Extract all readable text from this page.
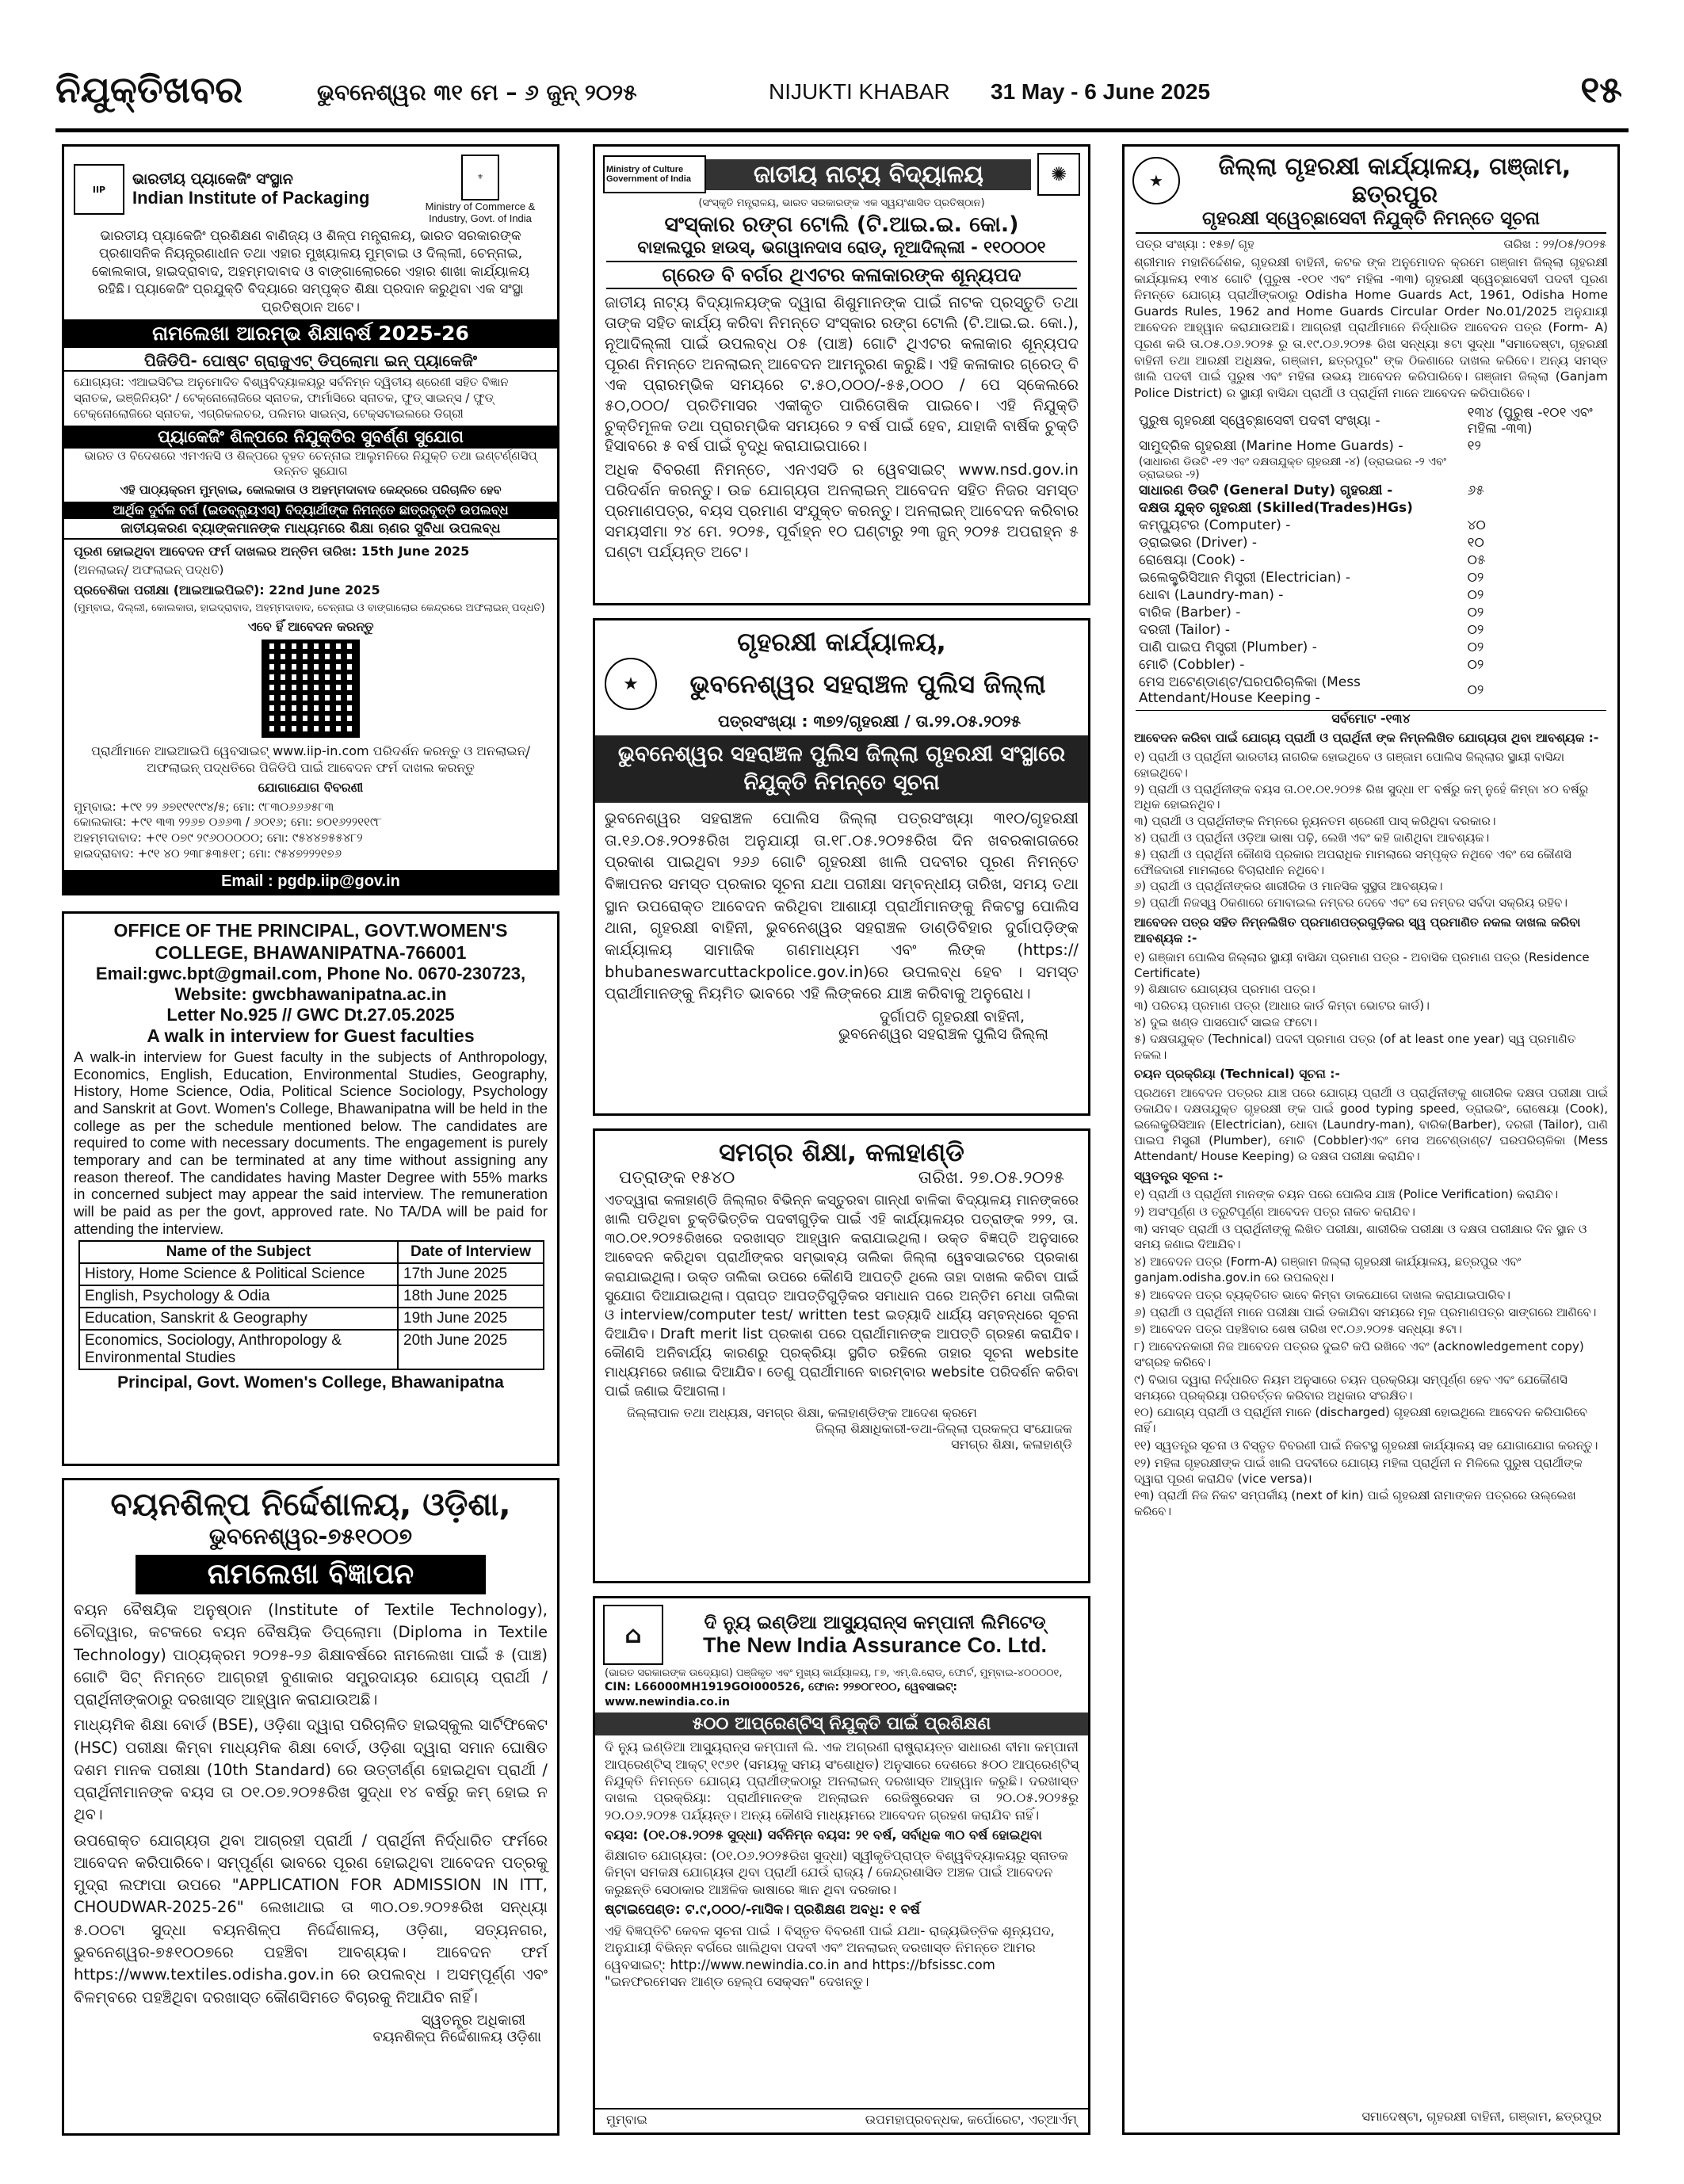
ନିଯୁକ୍ତିଖବର	ଭୁବନେଶ୍ୱର ୩୧ ମେ – ୬ ଜୁନ୍ ୨୦୨୫	NIJUKTI KHABAR 31 May - 6 June 2025	୧୫
IIP
ଭାରତୀୟ ପ୍ୟାକେଜିଂ ସଂସ୍ଥାନ
Indian Institute of Packaging
⚜
Ministry of Commerce & Industry, Govt. of India

ଭାରତୀୟ ପ୍ୟାକେଜିଂ ପ୍ରଶିକ୍ଷଣ ବାଣିଜ୍ୟ ଓ ଶିଳ୍ପ ମନ୍ତ୍ରାଳୟ, ଭାରତ ସରକାରଙ୍କ ପ୍ରଶାସନିକ ନିୟନ୍ତ୍ରଣାଧୀନ ତଥା ଏହାର ମୁଖ୍ୟାଳୟ ମୁମ୍ବାଇ ଓ ଦିଲ୍ଲୀ, ଚେନ୍ନାଇ, କୋଲକାତା, ହାଇଦ୍ରାବାଦ, ଅହମ୍ମଦାବାଦ ଓ ବାଙ୍ଗାଲୋରରେ ଏହାର ଶାଖା କାର୍ଯ୍ୟାଳୟ ରହିଛି। ପ୍ୟାକେଜିଂ ପ୍ରଯୁକ୍ତି ବିଦ୍ୟାରେ ସମ୍ପୃକ୍ତ ଶିକ୍ଷା ପ୍ରଦାନ କରୁଥିବା ଏକ ସଂସ୍ଥା ପ୍ରତିଷ୍ଠାନ ଅଟେ।

ନାମଲେଖା ଆରମ୍ଭ ଶିକ୍ଷାବର୍ଷ 2025-26
ପିଜିଡିପି- ପୋଷ୍ଟ ଗ୍ରାଜୁଏଟ୍ ଡିପ୍ଲୋମା ଇନ୍ ପ୍ୟାକେଜିଂ

ଯୋଗ୍ୟତା: ଏଆଇସିଟିଇ ଅନୁମୋଦିତ ବିଶ୍ୱବିଦ୍ୟାଳୟରୁ ସର୍ବନିମ୍ନ ଦ୍ୱିତୀୟ ଶ୍ରେଣୀ ସହିତ ବିଜ୍ଞାନ ସ୍ନାତକ, ଇଞ୍ଜିନିୟରିଂ / ଟେକ୍ନୋଲୋଜିରେ ସ୍ନାତକ, ଫାର୍ମାସିରେ ସ୍ନାତକ, ଫୁଡ୍ ସାଇନ୍ସ / ଫୁଡ୍ ଟେକ୍ନୋଲୋଜିରେ ସ୍ନାତକ, ଏଗ୍ରିକଲଚର, ପଲିମର ସାଇନ୍ସ, ଟେକ୍ସଟାଇଲରେ ଡିଗ୍ରୀ

ପ୍ୟାକେଜିଂ ଶିଳ୍ପରେ ନିଯୁକ୍ତିର ସୁବର୍ଣ୍ଣ ସୁଯୋଗ

ଭାରତ ଓ ବିଦେଶରେ ଏମଏନସି ଓ ଶିଳ୍ପରେ ବୃହତ ଚେନ୍ନାଇ ଆଲୁମନିରେ ନିଯୁକ୍ତି ତଥା ଇଣ୍ଟର୍ଣ୍ଣସିପ୍ ଉନ୍ନତ ସୁଯୋଗ

ଏହି ପାଠ୍ୟକ୍ରମ ମୁମ୍ବାଇ, କୋଲକାତା ଓ ଅହମ୍ମଦାବାଦ କେନ୍ଦ୍ରରେ ପରିଚାଳିତ ହେବ

ଆର୍ଥିକ ଦୁର୍ବଳ ବର୍ଗ (ଇଡବ୍ଲ୍ୟୁଏସ୍) ବିଦ୍ୟାର୍ଥୀଙ୍କ ନିମନ୍ତେ ଛାତ୍ରବୃତ୍ତି ଉପଲବ୍ଧ
ଜାତୀୟକରଣ ବ୍ୟାଙ୍କମାନଙ୍କ ମାଧ୍ୟମରେ ଶିକ୍ଷା ଋଣର ସୁବିଧା ଉପଲବ୍ଧ

ପୂରଣ ହୋଇଥିବା ଆବେଦନ ଫର୍ମ ଦାଖଲର ଅନ୍ତିମ ତାରିଖ: 15th June 2025

(ଅନଲାଇନ୍/ ଅଫଲାଇନ୍ ପଦ୍ଧତି)

ପ୍ରବେଶିକା ପରୀକ୍ଷା (ଆଇଆଇପିଇଟି): 22nd June 2025

(ମୁମ୍ବାଇ, ଦିଲ୍ଲୀ, କୋଲକାତା, ହାଇଦ୍ରାବାଦ, ଅହମ୍ମଦାବାଦ, ଚେନ୍ନାଇ ଓ ବାଙ୍ଗାଲୋର କେନ୍ଦ୍ରରେ ଅଫଲାଇନ୍ ପଦ୍ଧତି)

ଏବେ ହିଁ ଆବେଦନ କରନ୍ତୁ

ପ୍ରାର୍ଥୀମାନେ ଆଇଆଇପି ୱେବସାଇଟ୍ www.iip-in.com ପରିଦର୍ଶନ କରନ୍ତୁ ଓ ଅନଲାଇନ୍/ ଅଫଲାଇନ୍ ପଦ୍ଧତିରେ ପିଜିଡିପି ପାଇଁ ଆବେଦନ ଫର୍ମ ଦାଖଲ କରନ୍ତୁ

ଯୋଗାଯୋଗ ବିବରଣୀ

ମୁମ୍ବାଇ: +୯୧ ୨୨ ୬୭୧୯୧୯୯୪/୫; ମୋ: ୯୮୩୦୬୬୬୫୮୩

କୋଲକାତା: +୯୧ ୩୩ ୨୨୬୭ ୦୬୬୩ / ୬୦୧୬; ମୋ: ୭୦୧୬୨୨୧୧୯୮

ଅହମ୍ମଦାବାଦ: +୯୧ ୦୭୯ ୨୯୬୦୦୦୦୦; ମୋ: ୯୫୪୪୭୫୫୪୮୨

ହାଇଦ୍ରାବାଦ: +୯୧ ୪୦ ୨୩୮୫୩୫୧୮; ମୋ: ୯୫୪୭୨୨୨୧୭୬

Email : pgdp.iip@gov.in
OFFICE OF THE PRINCIPAL, GOVT.WOMEN'S COLLEGE, BHAWANIPATNA-766001
Email:gwc.bpt@gmail.com, Phone No. 0670-230723,
Website: gwcbhawanipatna.ac.in
Letter No.925 // GWC Dt.27.05.2025
A walk in interview for Guest faculties

A walk-in interview for Guest faculty in the subjects of Anthropology, Economics, English, Education, Environmental Studies, Geography, History, Home Science, Odia, Political Science Sociology, Psychology and Sanskrit at Govt. Women's College, Bhawanipatna will be held in the college as per the schedule mentioned below. The candidates are required to come with necessary documents. The engagement is purely temporary and can be terminated at any time without assigning any reason thereof. The candidates having Master Degree with 55% marks in concerned subject may appear the said interview. The remuneration will be paid as per the govt, approved rate. No TA/DA will be paid for attending the interview.

Name of the Subject	Date of Interview
History, Home Science & Political Science	17th June 2025
English, Psychology & Odia	18th June 2025
Education, Sanskrit & Geography	19th June 2025
Economics, Sociology, Anthropology & Environmental Studies	20th June 2025
Principal, Govt. Women's College, Bhawanipatna
ବୟନଶିଳ୍ପ ନିର୍ଦ୍ଦେଶାଳୟ, ଓଡ଼ିଶା,
ଭୁବନେଶ୍ୱର-୭୫୧୦୦୭
ନାମଲେଖା ବିଜ୍ଞାପନ

ବୟନ ବୈଷୟିକ ଅନୁଷ୍ଠାନ (Institute of Textile Technology), ଚୌଦ୍ୱାର, କଟକରେ ବୟନ ବୈଷୟିକ ଡିପ୍ଲୋମା (Diploma in Textile Technology) ପାଠ୍ୟକ୍ରମ ୨୦୨୫-୨୬ ଶିକ୍ଷାବର୍ଷରେ ନାମଲେଖା ପାଇଁ ୫ (ପାଞ୍ଚ) ଗୋଟି ସିଟ୍ ନିମନ୍ତେ ଆଗ୍ରହୀ ବୁଣାକାର ସମ୍ପ୍ରଦାୟର ଯୋଗ୍ୟ ପ୍ରାର୍ଥୀ / ପ୍ରାର୍ଥିନୀଙ୍କଠାରୁ ଦରଖାସ୍ତ ଆହ୍ୱାନ କରାଯାଉଅଛି।

ମାଧ୍ୟମିକ ଶିକ୍ଷା ବୋର୍ଡ (BSE), ଓଡ଼ିଶା ଦ୍ୱାରା ପରିଚାଳିତ ହାଇସ୍କୁଲ ସାର୍ଟିଫିକେଟ (HSC) ପରୀକ୍ଷା କିମ୍ବା ମାଧ୍ୟମିକ ଶିକ୍ଷା ବୋର୍ଡ, ଓଡ଼ିଶା ଦ୍ୱାରା ସମାନ ଘୋଷିତ ଦଶମ ମାନକ ପରୀକ୍ଷା (10th Standard) ରେ ଉତ୍ତୀର୍ଣ୍ଣ ହୋଇଥିବା ପ୍ରାର୍ଥୀ / ପ୍ରାର୍ଥିନୀମାନଙ୍କ ବୟସ ତା ୦୧.୦୭.୨୦୨୫ରିଖ ସୁଦ୍ଧା ୧୪ ବର୍ଷରୁ କମ୍ ହୋଇ ନ ଥିବ।

ଉପରୋକ୍ତ ଯୋଗ୍ୟତା ଥିବା ଆଗ୍ରହୀ ପ୍ରାର୍ଥୀ / ପ୍ରାର୍ଥିନୀ ନିର୍ଦ୍ଧାରିତ ଫର୍ମରେ ଆବେଦନ କରିପାରିବେ। ସମ୍ପୂର୍ଣ୍ଣ ଭାବରେ ପୂରଣ ହୋଇଥିବା ଆବେଦନ ପତ୍ରକୁ ମୁଦ୍ରା ଲଫାପା ଉପରେ "APPLICATION FOR ADMISSION IN ITT, CHOUDWAR-2025-26" ଲେଖାଥାଇ ତା ୩୦.୦୭.୨୦୨୫ରିଖ ସନ୍ଧ୍ୟା ୫.୦୦ଟା ସୁଦ୍ଧା ବୟନଶିଳ୍ପ ନିର୍ଦ୍ଦେଶାଳୟ, ଓଡ଼ିଶା, ସତ୍ୟନଗର, ଭୁବନେଶ୍ୱର-୭୫୧୦୦୭ରେ ପହଞ୍ଚିବା ଆବଶ୍ୟକ। ଆବେଦନ ଫର୍ମ https://www.textiles.odisha.gov.in ରେ ଉପଲବ୍ଧ । ଅସମ୍ପୂର୍ଣ୍ଣ ଏବଂ ବିଳମ୍ବରେ ପହଞ୍ଚିଥିବା ଦରଖାସ୍ତ କୌଣସିମତେ ବିଚାରକୁ ନିଆଯିବ ନାହିଁ।

ସ୍ୱତନ୍ତ୍ର ଅଧିକାରୀ
ବୟନଶିଳ୍ପ ନିର୍ଦ୍ଦେଶାଳୟ ଓଡ଼ିଶା
Ministry of Culture Government of India	ଜାତୀୟ ନାଟ୍ୟ ବିଦ୍ୟାଳୟ	✺
(ସଂସ୍କୃତି ମନ୍ତ୍ରାଳୟ, ଭାରତ ସରକାରଙ୍କ ଏକ ସ୍ୱୟଂଶାସିତ ପ୍ରତିଷ୍ଠାନ)
ସଂସ୍କାର ରଙ୍ଗ ଟୋଲି (ଟି.ଆଇ.ଇ. କୋ.)
ବାହାଲପୁର ହାଉସ୍, ଭଗୱାନଦାସ ରୋଡ୍, ନୂଆଦିଲ୍ଲୀ - ୧୧୦୦୦୧
ଗ୍ରେଡ ବି ବର୍ଗର ଥିଏଟର କଳାକାରଙ୍କ ଶୂନ୍ୟପଦ

ଜାତୀୟ ନାଟ୍ୟ ବିଦ୍ୟାଳୟଙ୍କ ଦ୍ୱାରା ଶିଶୁମାନଙ୍କ ପାଇଁ ନାଟକ ପ୍ରସ୍ତୁତି ତଥା ତାଙ୍କ ସହିତ କାର୍ଯ୍ୟ କରିବା ନିମନ୍ତେ ସଂସ୍କାର ରଙ୍ଗ ଟୋଲି (ଟି.ଆଇ.ଇ. କୋ.), ନୂଆଦିଲ୍ଲୀ ପାଇଁ ଉପଲବ୍ଧ ୦୫ (ପାଞ୍ଚ) ଗୋଟି ଥିଏଟର କଳାକାର ଶୂନ୍ୟପଦ ପୂରଣ ନିମନ୍ତେ ଅନଲାଇନ୍ ଆବେଦନ ଆମନ୍ତ୍ରଣ କରୁଛି। ଏହି କଳାକାର ଗ୍ରେଡ୍ ବି ଏକ ପ୍ରାରମ୍ଭିକ ସମୟରେ ଟ.୫୦,୦୦୦/-୫୫,୦୦୦ / ପେ ସ୍କେଲରେ ୫୦,୦୦୦/ ପ୍ରତିମାସର ଏକୀକୃତ ପାରିତୋଷିକ ପାଇବେ। ଏହି ନିଯୁକ୍ତି ଚୁକ୍ତିମୂଳକ ତଥା ପ୍ରାରମ୍ଭିକ ସମୟରେ ୨ ବର୍ଷ ପାଇଁ ହେବ, ଯାହାକି ବାର୍ଷିକ ଚୁକ୍ତି ହିସାବରେ ୫ ବର୍ଷ ପାଇଁ ବୃଦ୍ଧି କରାଯାଇପାରେ।

ଅଧିକ ବିବରଣୀ ନିମନ୍ତେ, ଏନଏସଡି ର ୱେବସାଇଟ୍ www.nsd.gov.in ପରିଦର୍ଶନ କରନ୍ତୁ। ଉଚ୍ଚ ଯୋଗ୍ୟତା ଅନଲାଇନ୍ ଆବେଦନ ସହିତ ନିଜର ସମସ୍ତ ପ୍ରମାଣପତ୍ର, ବୟସ ପ୍ରମାଣ ସଂଯୁକ୍ତ କରନ୍ତୁ। ଅନଲାଇନ୍ ଆବେଦନ କରିବାର ସମୟସୀମା ୨୪ ମେ. ୨୦୨୫, ପୂର୍ବାହ୍ନ ୧୦ ଘଣ୍ଟାରୁ ୨୩ ଜୁନ୍ ୨୦୨୫ ଅପରାହ୍ନ ୫ ଘଣ୍ଟା ପର୍ଯ୍ୟନ୍ତ ଅଟେ।

ଗୃହରକ୍ଷୀ କାର୍ଯ୍ୟାଳୟ,
★	ଭୁବନେଶ୍ୱର ସହରାଞ୍ଚଳ ପୁଲିସ ଜିଲ୍ଲା
ପତ୍ରସଂଖ୍ୟା : ୩୭୨/ଗୃହରକ୍ଷୀ / ତା.୨୨.୦୫.୨୦୨୫
ଭୁବନେଶ୍ୱର ସହରାଞ୍ଚଳ ପୁଲିସ ଜିଲ୍ଲା ଗୃହରକ୍ଷୀ ସଂସ୍ଥାରେ ନିଯୁକ୍ତି ନିମନ୍ତେ ସୂଚନା

ଭୁବନେଶ୍ୱର ସହରାଞ୍ଚଳ ପୋଲିସ ଜିଲ୍ଲା ପତ୍ରସଂଖ୍ୟା ୩୧୦/ଗୃହରକ୍ଷୀ ତା.୧୬.୦୫.୨୦୨୫ରିଖ ଅନୁଯାୟୀ ତା.୧୮.୦୫.୨୦୨୫ରିଖ ଦିନ ଖବରକାଗଜରେ ପ୍ରକାଶ ପାଇଥିବା ୨୬୬ ଗୋଟି ଗୃହରକ୍ଷୀ ଖାଲି ପଦବୀର ପୂରଣ ନିମନ୍ତେ ବିଜ୍ଞାପନର ସମସ୍ତ ପ୍ରକାର ସୂଚନା ଯଥା ପରୀକ୍ଷା ସମ୍ବନ୍ଧୀୟ ତାରିଖ, ସମୟ ତଥା ସ୍ଥାନ ଉପରୋକ୍ତ ଆବେଦନ କରିଥିବା ଆଶାୟୀ ପ୍ରାର୍ଥୀମାନଙ୍କୁ ନିକଟସ୍ଥ ପୋଲିସ ଥାନା, ଗୃହରକ୍ଷୀ ବାହିନୀ, ଭୁବନେଶ୍ୱର ସହରାଞ୍ଚଳ ଡାଣ୍ଡିବିହାର ଦୁର୍ଗାପଡ଼ିଙ୍କ କାର୍ଯ୍ୟାଳୟ ସାମାଜିକ ଗଣମାଧ୍ୟମ ଏବଂ ଲିଙ୍କ (https:// bhubaneswarcuttackpolice.gov.in)ରେ ଉପଲବ୍ଧ ହେବ । ସମସ୍ତ ପ୍ରାର୍ଥୀମାନଙ୍କୁ ନିୟମିତ ଭାବରେ ଏହି ଲିଙ୍କରେ ଯାଞ୍ଚ କରିବାକୁ ଅନୁରୋଧ।

ଦୁର୍ଗାପତି ଗୃହରକ୍ଷୀ ବାହିନୀ,
ଭୁବନେଶ୍ୱର ସହରାଞ୍ଚଳ ପୁଲିସ ଜିଲ୍ଲା
ସମଗ୍ର ଶିକ୍ଷା, କଳାହାଣ୍ଡି
ପତ୍ରାଙ୍କ ୧୫୪୦	ତାରିଖ. ୨୭.୦୫.୨୦୨୫

ଏତଦ୍ୱାରା କଳାହାଣ୍ଡି ଜିଲ୍ଲାର ବିଭିନ୍ନ କସ୍ତୁରବା ଗାନ୍ଧୀ ବାଳିକା ବିଦ୍ୟାଳୟ ମାନଙ୍କରେ ଖାଲି ପଡିଥିବା ଚୁକ୍ତିଭିତ୍ତିକ ପଦବୀଗୁଡ଼ିକ ପାଇଁ ଏହି କାର୍ଯ୍ୟାଳୟର ପତ୍ରାଙ୍କ ୨୨୨, ତା. ୩୦.୦୧.୨୦୨୫ରିଖରେ ଦରଖାସ୍ତ ଆହ୍ୱାନ କରାଯାଇଥିଲା। ଉକ୍ତ ବିଜ୍ଞପ୍ତି ଅନୁସାରେ ଆବେଦନ କରିଥିବା ପ୍ରାର୍ଥୀଙ୍କର ସମ୍ଭାବ୍ୟ ତାଲିକା ଜିଲ୍ଲା ୱେବସାଇଟରେ ପ୍ରକାଶ କରାଯାଇଥିଲା। ଉକ୍ତ ତାଲିକା ଉପରେ କୌଣସି ଆପତ୍ତି ଥିଲେ ତାହା ଦାଖଲ କରିବା ପାଇଁ ସୁଯୋଗ ଦିଆଯାଇଥିଲା। ପ୍ରାପ୍ତ ଆପତ୍ତିଗୁଡ଼ିକର ସମାଧାନ ପରେ ଅନ୍ତିମ ମେଧା ତାଲିକା ଓ interview/computer test/ written test ଇତ୍ୟାଦି ଧାର୍ଯ୍ୟ ସମ୍ବନ୍ଧରେ ସୂଚନା ଦିଆଯିବ। Draft merit list ପ୍ରକାଶ ପରେ ପ୍ରାର୍ଥୀମାନଙ୍କ ଆପତ୍ତି ଗ୍ରହଣ କରାଯିବ। କୌଣସି ଅନିବାର୍ଯ୍ୟ କାରଣରୁ ପ୍ରକ୍ରିୟା ସ୍ଥଗିତ ରହିଲେ ତାହାର ସୂଚନା website ମାଧ୍ୟମରେ ଜଣାଇ ଦିଆଯିବ। ତେଣୁ ପ୍ରାର୍ଥୀମାନେ ବାରମ୍ବାର website ପରିଦର୍ଶନ କରିବା ପାଇଁ ଜଣାଇ ଦିଆଗଲା।

ଜିଲ୍ଲାପାଳ ତଥା ଅଧ୍ୟକ୍ଷ, ସମଗ୍ର ଶିକ୍ଷା, କଳାହାଣ୍ଡିଙ୍କ ଆଦେଶ କ୍ରମେ
ଜିଲ୍ଲା ଶିକ୍ଷାଧିକାରୀ-ତଥା-ଜିଲ୍ଲା ପ୍ରକଳ୍ପ ସଂଯୋଜକ
ସମଗ୍ର ଶିକ୍ଷା, କଳାହାଣ୍ଡି
⌂	ଦି ନ୍ୟୁ ଇଣ୍ଡିଆ ଆସ୍ୟୁରାନ୍ସ କମ୍ପାନୀ ଲିମିଟେଡ୍
The New India Assurance Co. Ltd.

(ଭାରତ ସରକାରଙ୍କ ଉଦ୍ୟୋଗ) ପଞ୍ଜିକୃତ ଏବଂ ମୁଖ୍ୟ କାର୍ଯ୍ୟାଳୟ, ୮୭, ଏମ୍.ଜି.ରୋଡ୍, ଫୋର୍ଟ, ମୁମ୍ବାଇ-୪୦୦୦୦୧,

CIN: L66000MH1919GOI000526, ଫୋନ: ୨୨୭୦୮୧୦୦, ୱେବସାଇଟ୍: www.newindia.co.in

୫୦୦ ଆପ୍ରେଣ୍ଟିସ୍ ନିଯୁକ୍ତି ପାଇଁ ପ୍ରଶିକ୍ଷଣ

ଦି ନ୍ୟୁ ଇଣ୍ଡିଆ ଆସ୍ୟୁରାନ୍ସ କମ୍ପାନୀ ଲି. ଏକ ଅଗ୍ରଣୀ ରାଷ୍ଟ୍ରାୟତ୍ତ ସାଧାରଣ ବୀମା କମ୍ପାନୀ ଆପ୍ରେଣ୍ଟିସ୍ ଆକ୍ଟ୍ ୧୯୬୧ (ସମୟକୁ ସମୟ ସଂଶୋଧିତ) ଅନୁସାରେ ଦେଶରେ ୫୦୦ ଆପ୍ରେଣ୍ଟିସ୍ ନିଯୁକ୍ତି ନିମନ୍ତେ ଯୋଗ୍ୟ ପ୍ରାର୍ଥୀଙ୍କଠାରୁ ଅନଲାଇନ୍ ଦରଖାସ୍ତ ଆହ୍ୱାନ କରୁଛି। ଦରଖାସ୍ତ ଦାଖଲ ପ୍ରକ୍ରିୟା: ପ୍ରାର୍ଥୀମାନଙ୍କ ଅନ୍ଲାଇନ ରେଜିଷ୍ଟ୍ରେସନ ତା ୨୦.୦୫.୨୦୨୫ରୁ ୨୦.୦୬.୨୦୨୫ ପର୍ଯ୍ୟନ୍ତ। ଅନ୍ୟ କୌଣସି ମାଧ୍ୟମରେ ଆବେଦନ ଗ୍ରହଣ କରାଯିବ ନାହିଁ।

ବୟସ: (୦୧.୦୫.୨୦୨୫ ସୁଦ୍ଧା) ସର୍ବନିମ୍ନ ବୟସ: ୨୧ ବର୍ଷ, ସର୍ବାଧିକ ୩୦ ବର୍ଷ ହୋଇଥିବା

ଶିକ୍ଷାଗତ ଯୋଗ୍ୟତା: (୦୧.୦୬.୨୦୨୫ରିଖ ସୁଦ୍ଧା) ସ୍ୱୀକୃତିପ୍ରାପ୍ତ ବିଶ୍ୱବିଦ୍ୟାଳୟରୁ ସ୍ନାତକ କିମ୍ବା ସମକକ୍ଷ ଯୋଗ୍ୟତା ଥିବା ପ୍ରାର୍ଥୀ ଯେଉଁ ରାଜ୍ୟ / କେନ୍ଦ୍ରଶାସିତ ଅଞ୍ଚଳ ପାଇଁ ଆବେଦନ କରୁଛନ୍ତି ସେଠାକାର ଆଞ୍ଚଳିକ ଭାଷାରେ ଜ୍ଞାନ ଥିବା ଦରକାର।

ଷ୍ଟାଇପେଣ୍ଡ: ଟ.୯,୦୦୦/-ମାସିକ। ପ୍ରଶିକ୍ଷଣ ଅବଧି: ୧ ବର୍ଷ

ଏହି ବିଜ୍ଞପ୍ତିଟି କେବଳ ସୂଚନା ପାଇଁ । ବିସ୍ତୃତ ବିବରଣୀ ପାଇଁ ଯଥା- ରାଜ୍ୟଭିତ୍ତିକ ଶୂନ୍ୟପଦ, ଅନୁଯାୟୀ ବିଭିନ୍ନ ବର୍ଗରେ ଖାଲିଥିବା ପଦବୀ ଏବଂ ଅନଲାଇନ୍ ଦରଖାସ୍ତ ନିମନ୍ତେ ଆମର ୱେବସାଇଟ୍: http://www.newindia.co.in and https://bfsissc.com "ଇନଫରମେସନ ଆଣ୍ଡ ହେଲ୍ପ ସେକ୍ସନ" ଦେଖନ୍ତୁ।

ମୁମ୍ବାଇ	ଉପମହାପ୍ରବନ୍ଧକ, କର୍ପୋରେଟ, ଏଚ୍ଆର୍ଏମ୍
★	ଜିଲ୍ଲା ଗୃହରକ୍ଷୀ କାର୍ଯ୍ୟାଳୟ, ଗଞ୍ଜାମ, ଛତ୍ରପୁର
ଗୃହରକ୍ଷୀ ସ୍ୱେଚ୍ଛାସେବୀ ନିଯୁକ୍ତି ନିମନ୍ତେ ସୂଚନା
ପତ୍ର ସଂଖ୍ୟା : ୧୫୭/ ଗୃହ	ତାରିଖ : ୨୨/୦୫/୨୦୨୫

ଶ୍ରୀମାନ ମହାନିର୍ଦ୍ଦେଶକ, ଗୃହରକ୍ଷୀ ବାହିନୀ, କଟକ ଙ୍କ ଅନୁମୋଦନ କ୍ରମେ ଗଞ୍ଜାମ ଜିଲ୍ଲା ଗୃହରକ୍ଷୀ କାର୍ଯ୍ୟାଳୟ ୧୩୪ ଗୋଟି (ପୁରୁଷ -୧୦୧ ଏବଂ ମହିଳା -୩୩) ଗୃହରକ୍ଷୀ ସ୍ୱେଚ୍ଛାସେବୀ ପଦବୀ ପୂରଣ ନିମନ୍ତେ ଯୋଗ୍ୟ ପ୍ରାର୍ଥୀଙ୍କଠାରୁ Odisha Home Guards Act, 1961, Odisha Home Guards Rules, 1962 and Home Guards Circular Order No.01/2025 ଅନୁଯାୟୀ ଆବେଦନ ଆହ୍ୱାନ କରାଯାଉଅଛି। ଆଗ୍ରହୀ ପ୍ରାର୍ଥୀମାନେ ନିର୍ଦ୍ଧାରିତ ଆବେଦନ ପତ୍ର (Form- A) ପୂରଣ କରି ତା.୦୫.୦୬.୨୦୨୫ ରୁ ତା.୧୯.୦୬.୨୦୨୫ ରିଖ ସନ୍ଧ୍ୟା ୫ଟା ସୁଦ୍ଧା "ସମାଦେଷ୍ଟା, ଗୃହରକ୍ଷୀ ବାହିନୀ ତଥା ଆରକ୍ଷୀ ଅଧିକ୍ଷକ, ଗଞ୍ଜାମ, ଛତ୍ରପୁର" ଙ୍କ ଠିକଣାରେ ଦାଖଲ କରିବେ। ଅନ୍ୟ ସମସ୍ତ ଖାଲି ପଦବୀ ପାଇଁ ପୁରୁଷ ଏବଂ ମହିଳା ଉଭୟ ଆବେଦନ କରିପାରିବେ। ଗଞ୍ଜାମ ଜିଲ୍ଲା (Ganjam Police District) ର ସ୍ଥାୟୀ ବାସିନ୍ଦା ପ୍ରାର୍ଥୀ ଓ ପ୍ରାର୍ଥିନୀ ମାନେ ଆବେଦନ କରିପାରିବେ।

ପୁରୁଷ ଗୃହରକ୍ଷୀ ସ୍ୱେଚ୍ଛାସେବୀ ପଦବୀ ସଂଖ୍ୟା -	୧୩୪ (ପୁରୁଷ -୧୦୧ ଏବଂ ମହିଳା -୩୩)
ସାମୁଦ୍ରିକ ଗୃହରକ୍ଷୀ (Marine Home Guards) -	୧୨
(ସାଧାରଣ ଡିଉଟି -୧୨ ଏବଂ ଦକ୍ଷତାଯୁକ୍ତ ଗୃହରକ୍ଷୀ -୪) (ଡ୍ରାଇଭର -୨ ଏବଂ ଡ୍ରାଇଭର -୨)	
ସାଧାରଣ ଡିଉଟି (General Duty) ଗୃହରକ୍ଷୀ -	୬୫
ଦକ୍ଷତା ଯୁକ୍ତ ଗୃହରକ୍ଷୀ (Skilled(Trades)HGs)	
କମ୍ପ୍ୟୁଟର (Computer) -	୪୦
ଡ୍ରାଇଭର (Driver) -	୧୦
ରୋଷେୟା (Cook) -	୦୫
ଇଲେକ୍ଟ୍ରିସିଆନ ମିସ୍ତ୍ରୀ (Electrician) -	୦୨
ଧୋବା (Laundry-man) -	୦୨
ବାରିକ (Barber) -	୦୨
ଦରଜୀ (Tailor) -	୦୨
ପାଣି ପାଇପ ମିସ୍ତ୍ରୀ (Plumber) -	୦୨
ମୋଚି (Cobbler) -	୦୨
ମେସ ଅଟେଣ୍ଡାଣ୍ଟ/ଘରପରିଚାଳିକା (Mess Attendant/House Keeping -	୦୨
ସର୍ବମୋଟ -୧୩୪

ଆବେଦନ କରିବା ପାଇଁ ଯୋଗ୍ୟ ପ୍ରାର୍ଥୀ ଓ ପ୍ରାର୍ଥିନୀ ଙ୍କ ନିମ୍ନଲିଖିତ ଯୋଗ୍ୟତା ଥିବା ଆବଶ୍ୟକ :-

୧) ପ୍ରାର୍ଥୀ ଓ ପ୍ରାର୍ଥିନୀ ଭାରତୀୟ ନାଗରିକ ହୋଇଥିବେ ଓ ଗଞ୍ଜାମ ପୋଲିସ ଜିଲ୍ଲାର ସ୍ଥାୟୀ ବାସିନ୍ଦା ହୋଇଥିବେ।

୨) ପ୍ରାର୍ଥୀ ଓ ପ୍ରାର୍ଥିନୀଙ୍କ ବୟସ ତା.୦୧.୦୧.୨୦୨୫ ରିଖ ସୁଦ୍ଧା ୧୮ ବର୍ଷରୁ କମ୍ ନୁହେଁ କିମ୍ବା ୪୦ ବର୍ଷରୁ ଅଧିକ ହୋଇନଥିବ।

୩) ପ୍ରାର୍ଥୀ ଓ ପ୍ରାର୍ଥିନୀଙ୍କ ନିମ୍ନରେ ନ୍ୟୁନତମ ଶ୍ରେଣୀ ପାସ୍ କରିଥିବା ଦରକାର।

୪) ପ୍ରାର୍ଥୀ ଓ ପ୍ରାର୍ଥିନୀ ଓଡ଼ିଆ ଭାଷା ପଢ଼ି, ଲେଖି ଏବଂ କହି ଜାଣିଥିବା ଆବଶ୍ୟକ।

୫) ପ୍ରାର୍ଥୀ ଓ ପ୍ରାର୍ଥିନୀ କୌଣସି ପ୍ରକାର ଅପରାଧିକ ମାମଲାରେ ସମ୍ପୃକ୍ତ ନଥିବେ ଏବଂ ସେ କୌଣସି ଫୌଜଦାରୀ ମାମଲାରେ ବିଚାରାଧୀନ ନଥିବେ।

୬) ପ୍ରାର୍ଥୀ ଓ ପ୍ରାର୍ଥିନୀଙ୍କର ଶାରୀରିକ ଓ ମାନସିକ ସୁସ୍ଥତା ଆବଶ୍ୟକ।

୭) ପ୍ରାର୍ଥୀ ନିଜସ୍ୱ ଠିକଣାରେ ମୋବାଇଲ ନମ୍ବର ଦେବେ ଏବଂ ସେ ନମ୍ବର ସର୍ବଦା ସକ୍ରିୟ ରହିବ।

ଆବେଦନ ପତ୍ର ସହିତ ନିମ୍ନଲିଖିତ ପ୍ରମାଣପତ୍ରଗୁଡ଼ିକର ସ୍ୱ ପ୍ରମାଣିତ ନକଲ ଦାଖଲ କରିବା ଆବଶ୍ୟକ :-

୧) ଗଞ୍ଜାମ ପୋଲିସ ଜିଲ୍ଲାର ସ୍ଥାୟୀ ବାସିନ୍ଦା ପ୍ରମାଣ ପତ୍ର - ଅବାସିକ ପ୍ରମାଣ ପତ୍ର (Residence Certificate)

୨) ଶିକ୍ଷାଗତ ଯୋଗ୍ୟତା ପ୍ରମାଣ ପତ୍ର।

୩) ପରିଚୟ ପ୍ରମାଣ ପତ୍ର (ଆଧାର କାର୍ଡ କିମ୍ବା ଭୋଟର କାର୍ଡ)।

୪) ଦୁଇ ଖଣ୍ଡ ପାସପୋର୍ଟ ସାଇଜ ଫଟୋ।

୫) ଦକ୍ଷତାଯୁକ୍ତ (Technical) ପଦବୀ ପ୍ରମାଣ ପତ୍ର (of at least one year) ସ୍ୱ ପ୍ରମାଣିତ ନକଲ।

ଚୟନ ପ୍ରକ୍ରିୟା (Technical) ସୂଚନା :-

ପ୍ରଥମେ ଆବେଦନ ପତ୍ରର ଯାଞ୍ଚ ପରେ ଯୋଗ୍ୟ ପ୍ରାର୍ଥୀ ଓ ପ୍ରାର୍ଥିନୀଙ୍କୁ ଶାରୀରିକ ଦକ୍ଷତା ପରୀକ୍ଷା ପାଇଁ ଡକାଯିବ। ଦକ୍ଷତାଯୁକ୍ତ ଗୃହରକ୍ଷୀ ଙ୍କ ପାଇଁ good typing speed, ଡ୍ରାଇଭିଂ, ରୋଷେୟା (Cook), ଇଲେକ୍ଟ୍ରିସିଆନ (Electrician), ଧୋବା (Laundry-man), ବାରିକ(Barber), ଦରଜୀ (Tailor), ପାଣି ପାଇପ ମିସ୍ତ୍ରୀ (Plumber), ମୋଚି (Cobbler)ଏବଂ ମେସ ଅଟେଣ୍ଡାଣ୍ଟ/ ଘରପରିଚାଳିକା (Mess Attendant/ House Keeping) ର ଦକ୍ଷତା ପରୀକ୍ଷା କରାଯିବ।

ସ୍ୱତନ୍ତ୍ର ସୂଚନା :-

୧) ପ୍ରାର୍ଥୀ ଓ ପ୍ରାର୍ଥିନୀ ମାନଙ୍କ ଚୟନ ପରେ ପୋଲିସ ଯାଞ୍ଚ (Police Verification) କରାଯିବ।

୨) ଅସଂପୂର୍ଣ୍ଣ ଓ ତ୍ରୁଟିପୂର୍ଣ୍ଣ ଆବେଦନ ପତ୍ର ନାକଚ କରାଯିବ।

୩) ସମସ୍ତ ପ୍ରାର୍ଥୀ ଓ ପ୍ରାର୍ଥିନୀଙ୍କୁ ଲିଖିତ ପରୀକ୍ଷା, ଶାରୀରିକ ପରୀକ୍ଷା ଓ ଦକ୍ଷତା ପରୀକ୍ଷାର ଦିନ ସ୍ଥାନ ଓ ସମୟ ଜଣାଇ ଦିଆଯିବ।

୪) ଆବେଦନ ପତ୍ର (Form-A) ଗଞ୍ଜାମ ଜିଲ୍ଲା ଗୃହରକ୍ଷୀ କାର୍ଯ୍ୟାଳୟ, ଛତ୍ରପୁର ଏବଂ ganjam.odisha.gov.in ରେ ଉପଲବ୍ଧ।

୫) ଆବେଦନ ପତ୍ର ବ୍ୟକ୍ତିଗତ ଭାବେ କିମ୍ବା ଡାକଯୋଗେ ଦାଖଲ କରାଯାଇପାରିବ।

୬) ପ୍ରାର୍ଥୀ ଓ ପ୍ରାର୍ଥିନୀ ମାନେ ପରୀକ୍ଷା ପାଇଁ ଡକାଯିବା ସମୟରେ ମୂଳ ପ୍ରମାଣପତ୍ର ସାଙ୍ଗରେ ଆଣିବେ।

୭) ଆବେଦନ ପତ୍ର ପହଞ୍ଚିବାର ଶେଷ ତାରିଖ ୧୯.୦୬.୨୦୨୫ ସନ୍ଧ୍ୟା ୫ଟା।

୮) ଆବେଦନକାରୀ ନିଜ ଆବେଦନ ପତ୍ରର ଦୁଇଟି କପି ରଖିବେ ଏବଂ (acknowledgement copy) ସଂଗ୍ରହ କରିବେ।

୯) ବିଭାଗ ଦ୍ୱାରା ନିର୍ଦ୍ଧାରିତ ନିୟମ ଅନୁସାରେ ଚୟନ ପ୍ରକ୍ରିୟା ସମ୍ପୂର୍ଣ୍ଣ ହେବ ଏବଂ ଯେକୌଣସି ସମୟରେ ପ୍ରକ୍ରିୟା ପରିବର୍ତ୍ତନ କରିବାର ଅଧିକାର ସଂରକ୍ଷିତ।

୧୦) ଯୋଗ୍ୟ ପ୍ରାର୍ଥୀ ଓ ପ୍ରାର୍ଥିନୀ ମାନେ (discharged) ଗୃହରକ୍ଷୀ ହୋଇଥିଲେ ଆବେଦନ କରିପାରିବେ ନାହିଁ।

୧୧) ସ୍ୱତନ୍ତ୍ର ସୂଚନା ଓ ବିସ୍ତୃତ ବିବରଣୀ ପାଇଁ ନିକଟସ୍ଥ ଗୃହରକ୍ଷୀ କାର୍ଯ୍ୟାଳୟ ସହ ଯୋଗାଯୋଗ କରନ୍ତୁ।

୧୨) ମହିଳା ଗୃହରକ୍ଷୀଙ୍କ ପାଇଁ ଖାଲି ପଦବୀରେ ଯୋଗ୍ୟ ମହିଳା ପ୍ରାର୍ଥିନୀ ନ ମିଳିଲେ ପୁରୁଷ ପ୍ରାର୍ଥୀଙ୍କ ଦ୍ୱାରା ପୂରଣ କରାଯିବ (vice versa)।

୧୩) ପ୍ରାର୍ଥୀ ନିଜ ନିକଟ ସମ୍ପର୍କୀୟ (next of kin) ପାଇଁ ଗୃହରକ୍ଷୀ ନାମାଙ୍କନ ପତ୍ରରେ ଉଲ୍ଲେଖ କରିବେ।

ସମାଦେଷ୍ଟା, ଗୃହରକ୍ଷୀ ବାହିନୀ, ଗଞ୍ଜାମ, ଛତ୍ରପୁର
